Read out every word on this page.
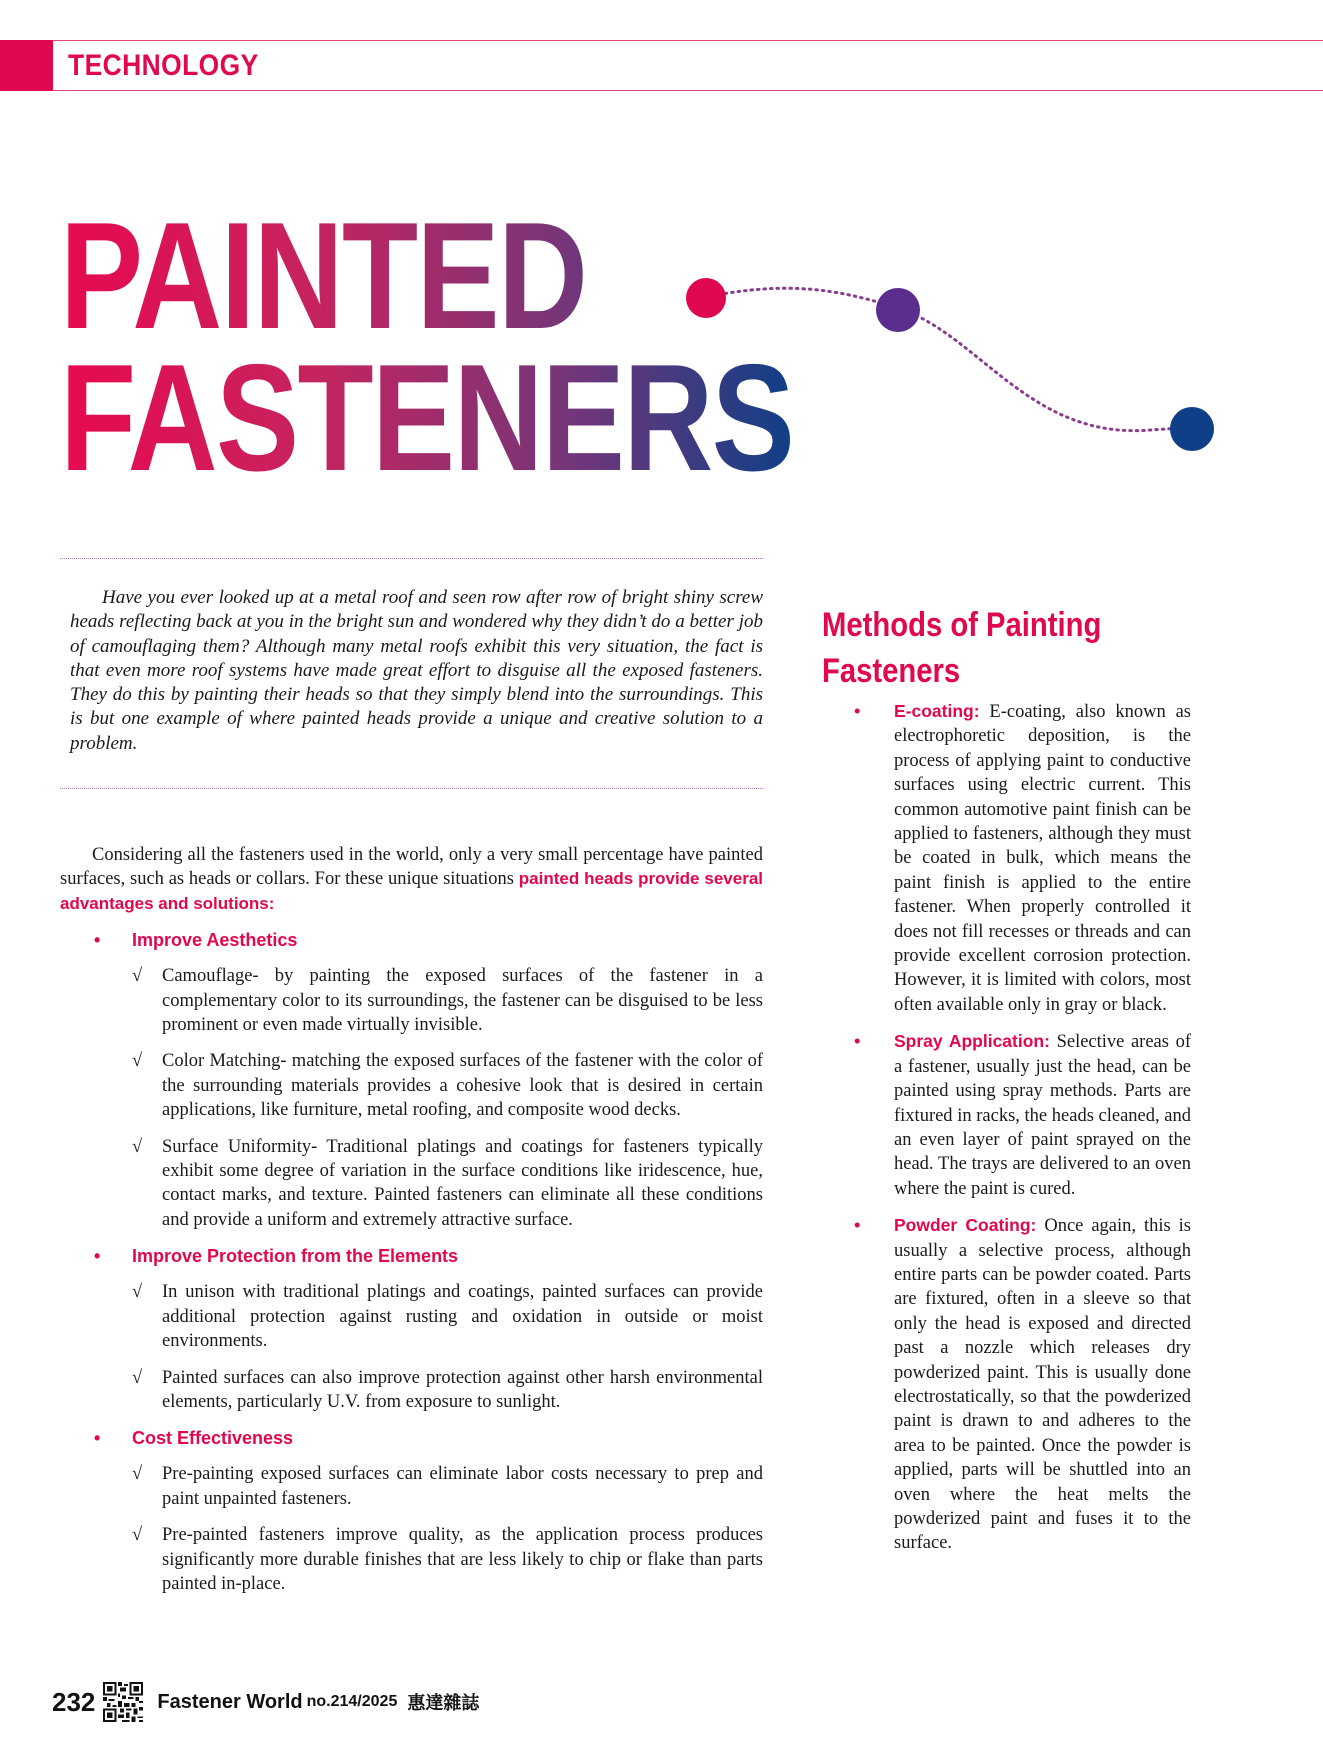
TECHNOLOGY
PAINTED
FASTENERS

Have you ever looked up at a metal roof and seen row after row of bright shiny screw heads reflecting back at you in the bright sun and wondered why they didn’t do a better job of camouflaging them? Although many metal roofs exhibit this very situation, the fact is that even more roof systems have made great effort to disguise all the exposed fasteners. They do this by painting their heads so that they simply blend into the surroundings. This is but one example of where painted heads provide a unique and creative solution to a problem.

Considering all the fasteners used in the world, only a very small percentage have painted surfaces, such as heads or collars. For these unique situations painted heads provide several advantages and solutions:

• Improve Aesthetics
√ Camouflage- by painting the exposed surfaces of the fastener in a complementary color to its surroundings, the fastener can be disguised to be less prominent or even made virtually invisible.
√ Color Matching- matching the exposed surfaces of the fastener with the color of the surrounding materials provides a cohesive look that is desired in certain applications, like furniture, metal roofing, and composite wood decks.
√ Surface Uniformity- Traditional platings and coatings for fasteners typically exhibit some degree of variation in the surface conditions like iridescence, hue, contact marks, and texture. Painted fasteners can eliminate all these conditions and provide a uniform and extremely attractive surface.
• Improve Protection from the Elements
√ In unison with traditional platings and coatings, painted surfaces can provide additional protection against rusting and oxidation in outside or moist environments.
√ Painted surfaces can also improve protection against other harsh environmental elements, particularly U.V. from exposure to sunlight.
• Cost Effectiveness
√ Pre-painting exposed surfaces can eliminate labor costs necessary to prep and paint unpainted fasteners.
√ Pre-painted fasteners improve quality, as the application process produces significantly more durable finishes that are less likely to chip or flake than parts painted in-place.
Methods of Painting
Fasteners
• E-coating: E-coating, also known as electrophoretic deposition, is the process of applying paint to conductive surfaces using electric current. This common automotive paint finish can be applied to fasteners, although they must be coated in bulk, which means the paint finish is applied to the entire fastener. When properly controlled it does not fill recesses or threads and can provide excellent corrosion protection. However, it is limited with colors, most often available only in gray or black.
• Spray Application: Selective areas of a fastener, usually just the head, can be painted using spray methods. Parts are fixtured in racks, the heads cleaned, and an even layer of paint sprayed on the head. The trays are delivered to an oven where the paint is cured.
• Powder Coating: Once again, this is usually a selective process, although entire parts can be powder coated. Parts are fixtured, often in a sleeve so that only the head is exposed and directed past a nozzle which releases dry powderized paint. This is usually done electrostatically, so that the powderized paint is drawn to and adheres to the area to be painted. Once the powder is applied, parts will be shuttled into an oven where the heat melts the powderized paint and fuses it to the surface.
232	Fastener World no.214/2025 惠達雜誌
